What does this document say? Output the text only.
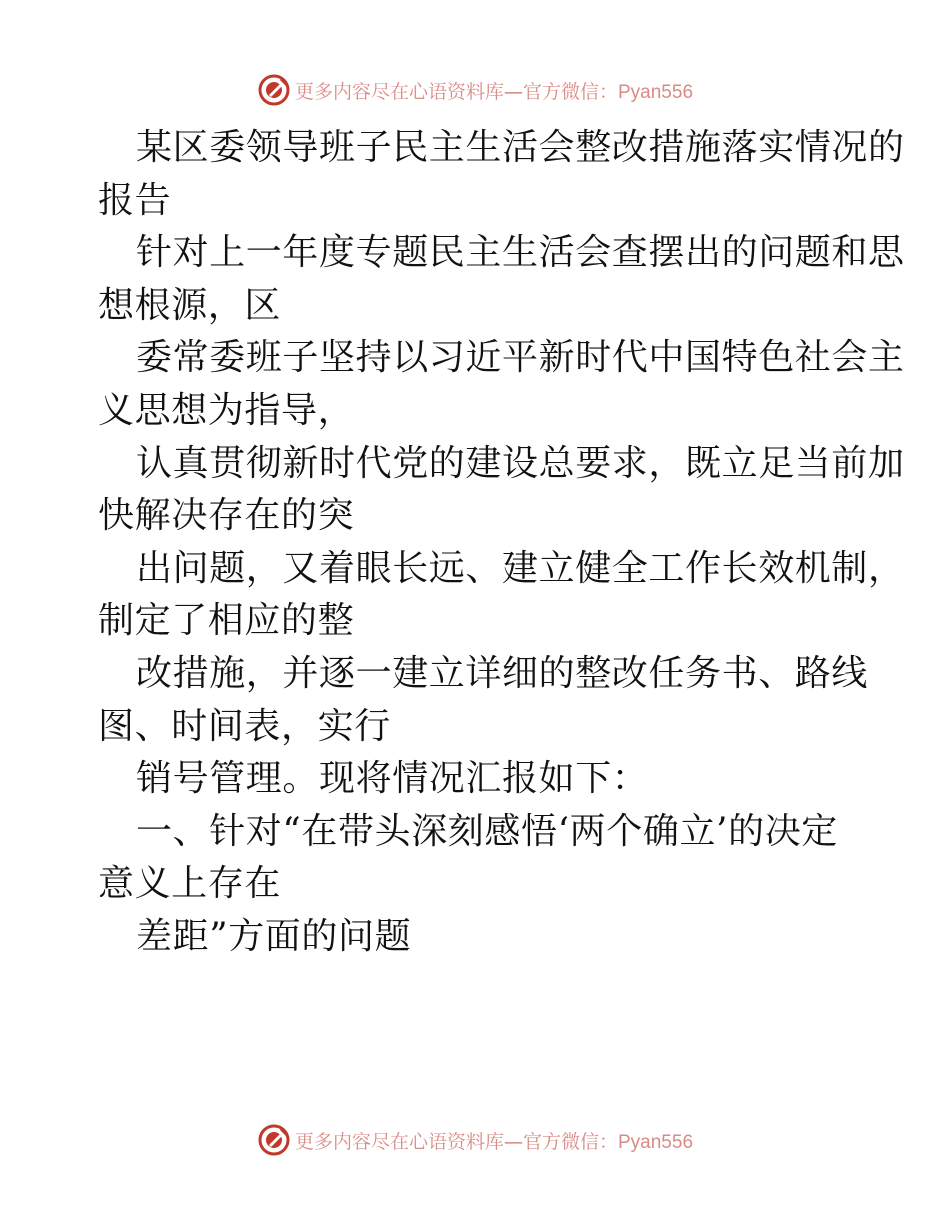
更多内容尽在心语资料库—官方微信：Pyan556
某区委领导班子民主生活会整改措施落实情况的
报告
针对上一年度专题民主生活会查摆出的问题和思
想根源，区
委常委班子坚持以习近平新时代中国特色社会主
义思想为指导，
认真贯彻新时代党的建设总要求，既立足当前加
快解决存在的突
出问题，又着眼长远、建立健全工作长效机制，
制定了相应的整
改措施，并逐一建立详细的整改任务书、路线
图、时间表，实行
销号管理。现将情况汇报如下：
一、针对“在带头深刻感悟‘两个确立’的决定
意义上存在
差距”方面的问题
更多内容尽在心语资料库—官方微信：Pyan556
